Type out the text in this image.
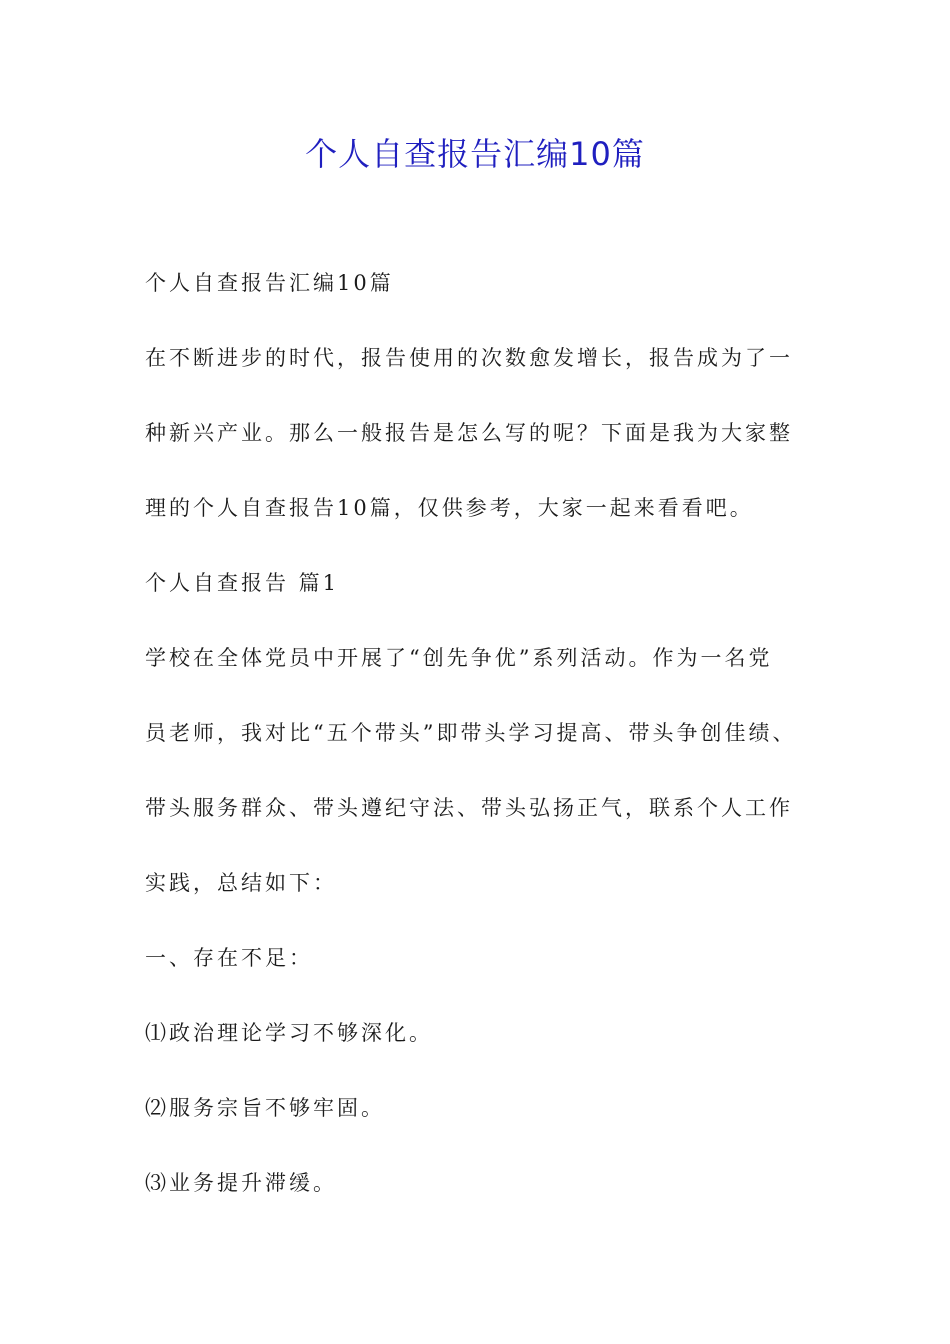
个人自查报告汇编10篇
个人自查报告汇编10篇
在不断进步的时代，报告使用的次数愈发增长，报告成为了一
种新兴产业。那么一般报告是怎么写的呢？下面是我为大家整
理的个人自查报告10篇，仅供参考，大家一起来看看吧。
个人自查报告 篇1
学校在全体党员中开展了“创先争优”系列活动。作为一名党
员老师，我对比“五个带头”即带头学习提高、带头争创佳绩、
带头服务群众、带头遵纪守法、带头弘扬正气，联系个人工作
实践，总结如下：
一、存在不足：
⑴政治理论学习不够深化。
⑵服务宗旨不够牢固。
⑶业务提升滞缓。
